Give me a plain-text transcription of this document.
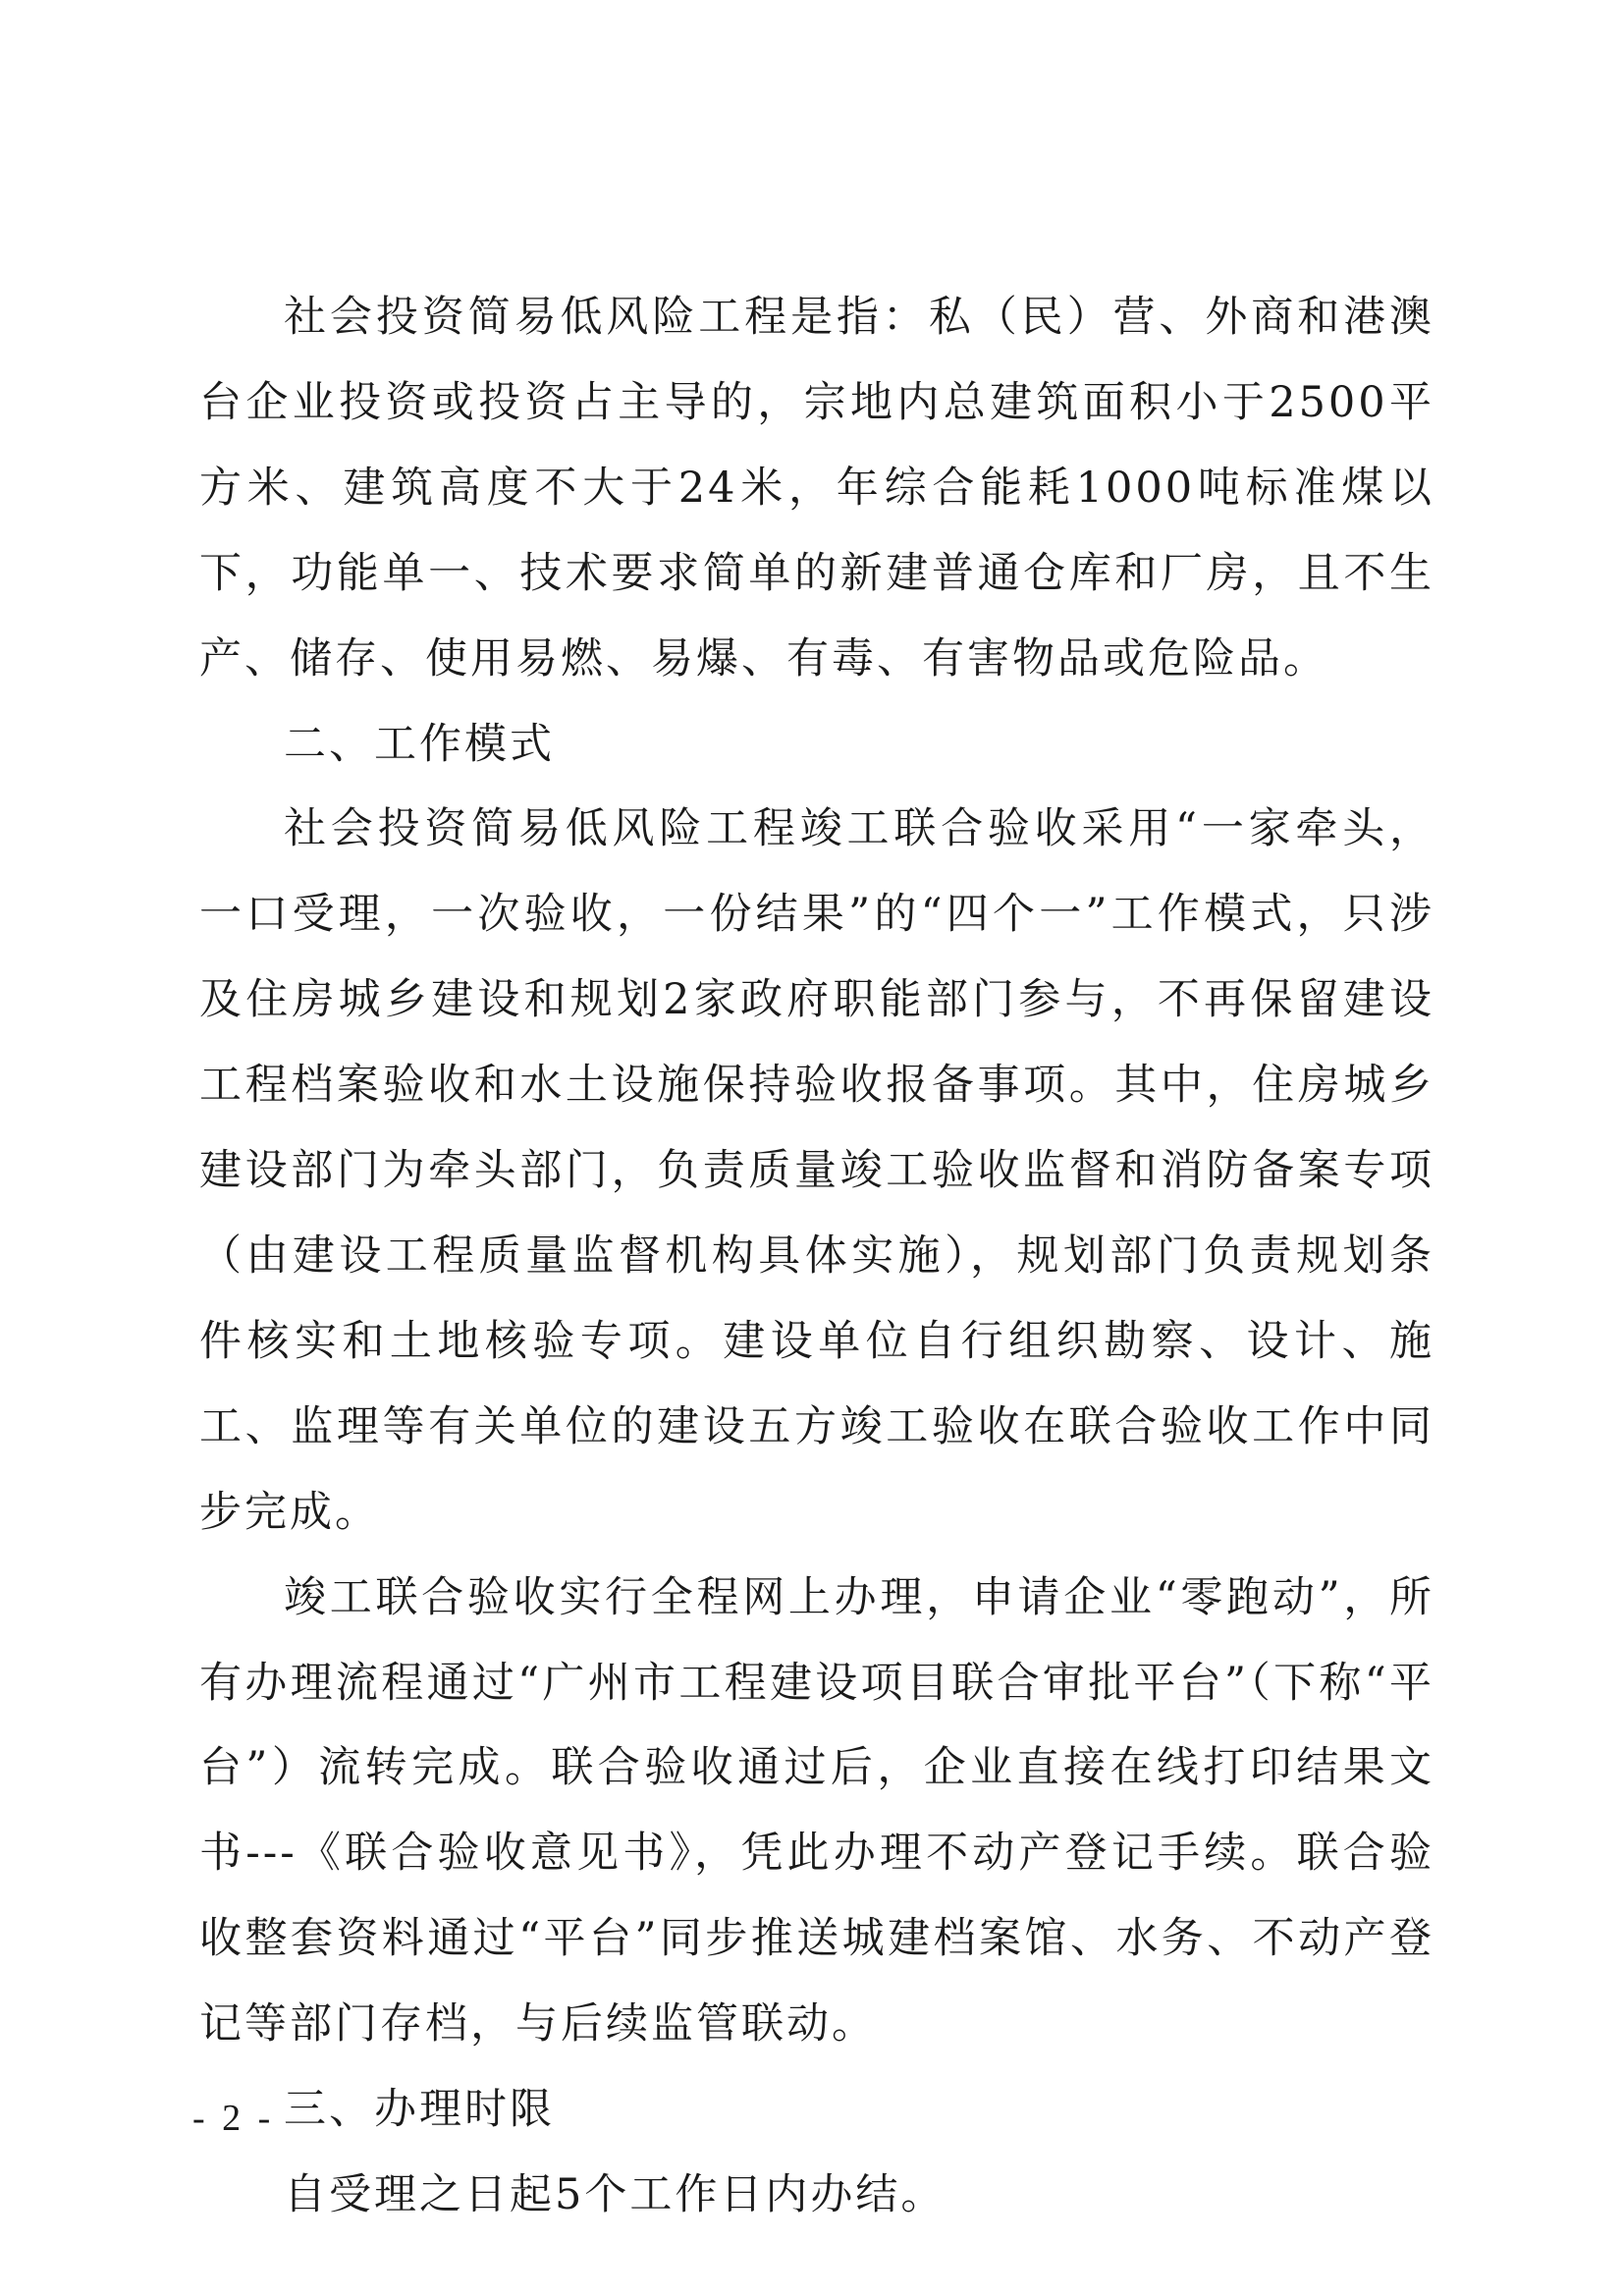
社会投资简易低风险工程是指：私（民）营、外商和港澳台企业投资或投资占主导的，宗地内总建筑面积小于2500平方米、建筑高度不大于24米，年综合能耗1000吨标准煤以下，功能单一、技术要求简单的新建普通仓库和厂房，且不生产、储存、使用易燃、易爆、有毒、有害物品或危险品。

二、工作模式

社会投资简易低风险工程竣工联合验收采用“一家牵头，一口受理，一次验收，一份结果”的“四个一”工作模式，只涉及住房城乡建设和规划2家政府职能部门参与，不再保留建设工程档案验收和水土设施保持验收报备事项。其中，住房城乡建设部门为牵头部门，负责质量竣工验收监督和消防备案专项（由建设工程质量监督机构具体实施），规划部门负责规划条件核实和土地核验专项。建设单位自行组织勘察、设计、施工、监理等有关单位的建设五方竣工验收在联合验收工作中同步完成。

竣工联合验收实行全程网上办理，申请企业“零跑动”，所有办理流程通过“广州市工程建设项目联合审批平台”（下称“平台”）流转完成。联合验收通过后，企业直接在线打印结果文书---《联合验收意见书》，凭此办理不动产登记手续。联合验收整套资料通过“平台”同步推送城建档案馆、水务、不动产登记等部门存档，与后续监管联动。

三、办理时限

自受理之日起5个工作日内办结。

- 2 -
